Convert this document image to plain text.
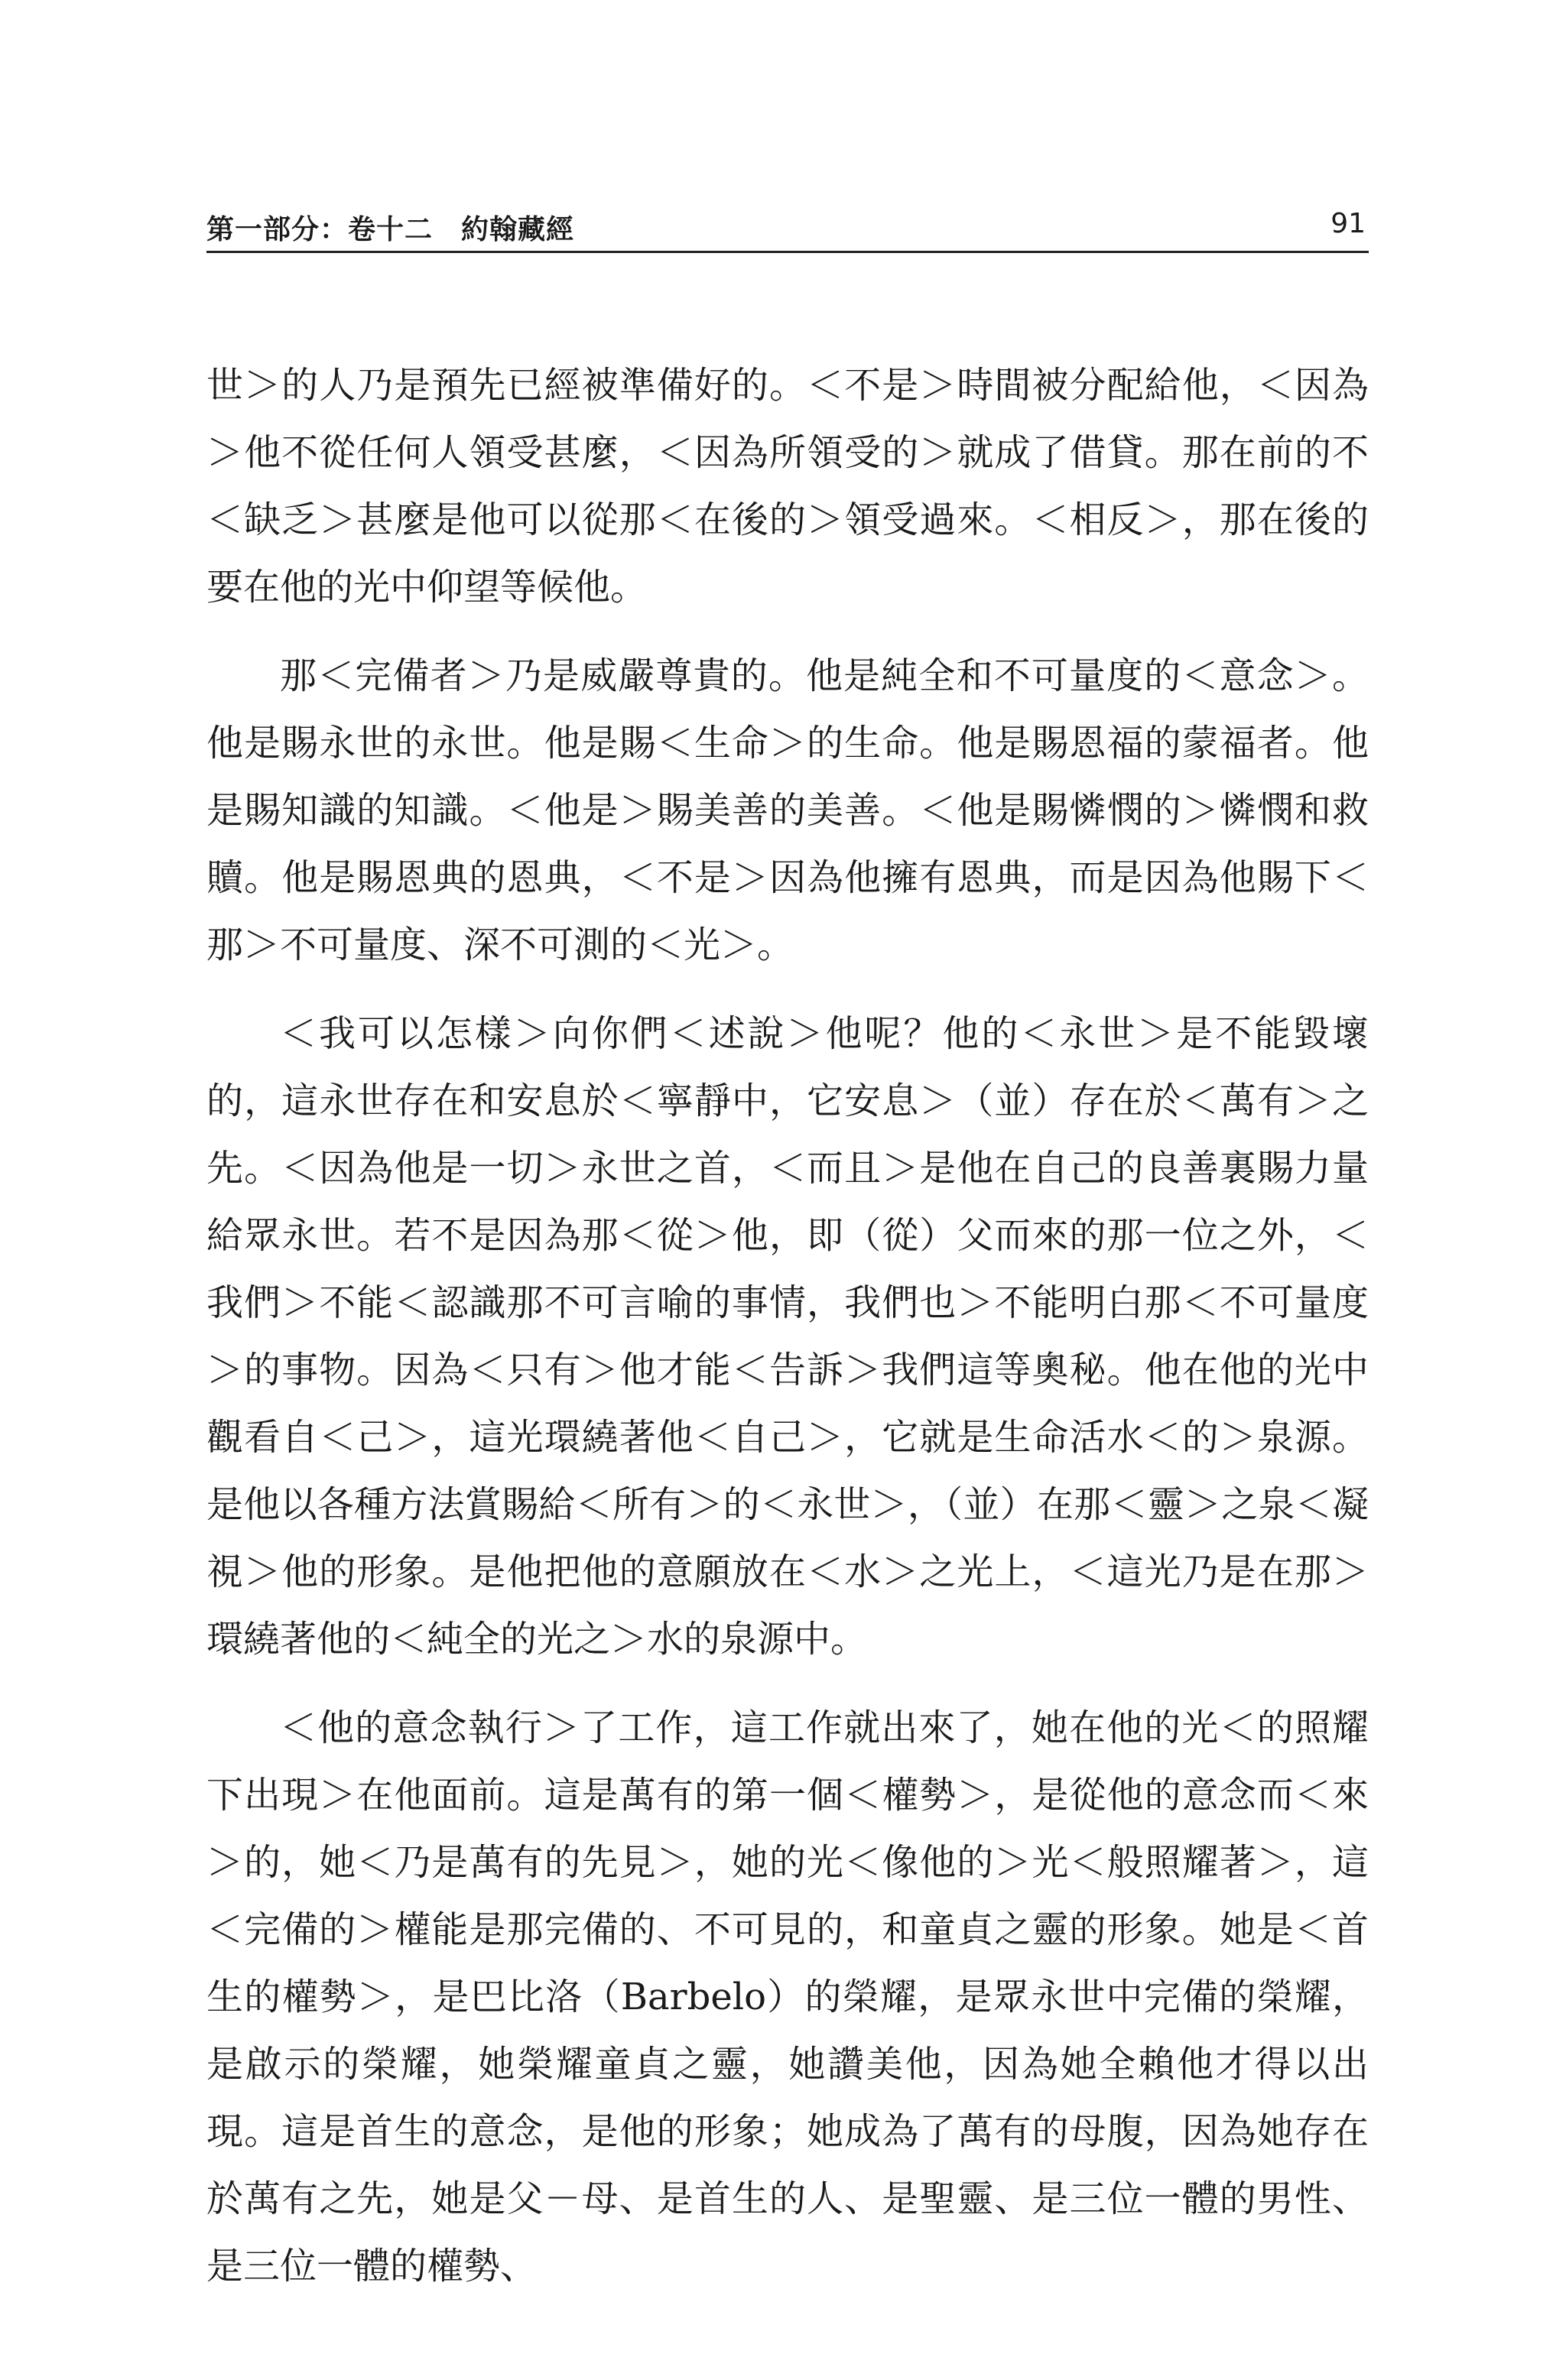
第一部分：卷十二　約翰藏經	91

世＞的人乃是預先已經被準備好的。＜不是＞時間被分配給他，＜因為＞他不從任何人領受甚麼，＜因為所領受的＞就成了借貸。那在前的不＜缺乏＞甚麼是他可以從那＜在後的＞領受過來。＜相反＞，那在後的要在他的光中仰望等候他。

那＜完備者＞乃是威嚴尊貴的。他是純全和不可量度的＜意念＞。他是賜永世的永世。他是賜＜生命＞的生命。他是賜恩福的蒙福者。他是賜知識的知識。＜他是＞賜美善的美善。＜他是賜憐憫的＞憐憫和救贖。他是賜恩典的恩典，＜不是＞因為他擁有恩典，而是因為他賜下＜那＞不可量度、深不可測的＜光＞。

＜我可以怎樣＞向你們＜述說＞他呢？他的＜永世＞是不能毀壞的，這永世存在和安息於＜寧靜中，它安息＞（並）存在於＜萬有＞之先。＜因為他是一切＞永世之首，＜而且＞是他在自己的良善裏賜力量給眾永世。若不是因為那＜從＞他，即（從）父而來的那一位之外，＜我們＞不能＜認識那不可言喻的事情，我們也＞不能明白那＜不可量度＞的事物。因為＜只有＞他才能＜告訴＞我們這等奧秘。他在他的光中觀看自＜己＞，這光環繞著他＜自己＞，它就是生命活水＜的＞泉源。是他以各種方法賞賜給＜所有＞的＜永世＞，（並）在那＜靈＞之泉＜凝視＞他的形象。是他把他的意願放在＜水＞之光上，＜這光乃是在那＞環繞著他的＜純全的光之＞水的泉源中。

＜他的意念執行＞了工作，這工作就出來了，她在他的光＜的照耀下出現＞在他面前。這是萬有的第一個＜權勢＞，是從他的意念而＜來＞的，她＜乃是萬有的先見＞，她的光＜像他的＞光＜般照耀著＞，這＜完備的＞權能是那完備的、不可見的，和童貞之靈的形象。她是＜首生的權勢＞，是巴比洛（Barbelo）的榮耀，是眾永世中完備的榮耀，是啟示的榮耀，她榮耀童貞之靈，她讚美他，因為她全賴他才得以出現。這是首生的意念，是他的形象；她成為了萬有的母腹，因為她存在於萬有之先，她是父－母、是首生的人、是聖靈、是三位一體的男性、是三位一體的權勢、
